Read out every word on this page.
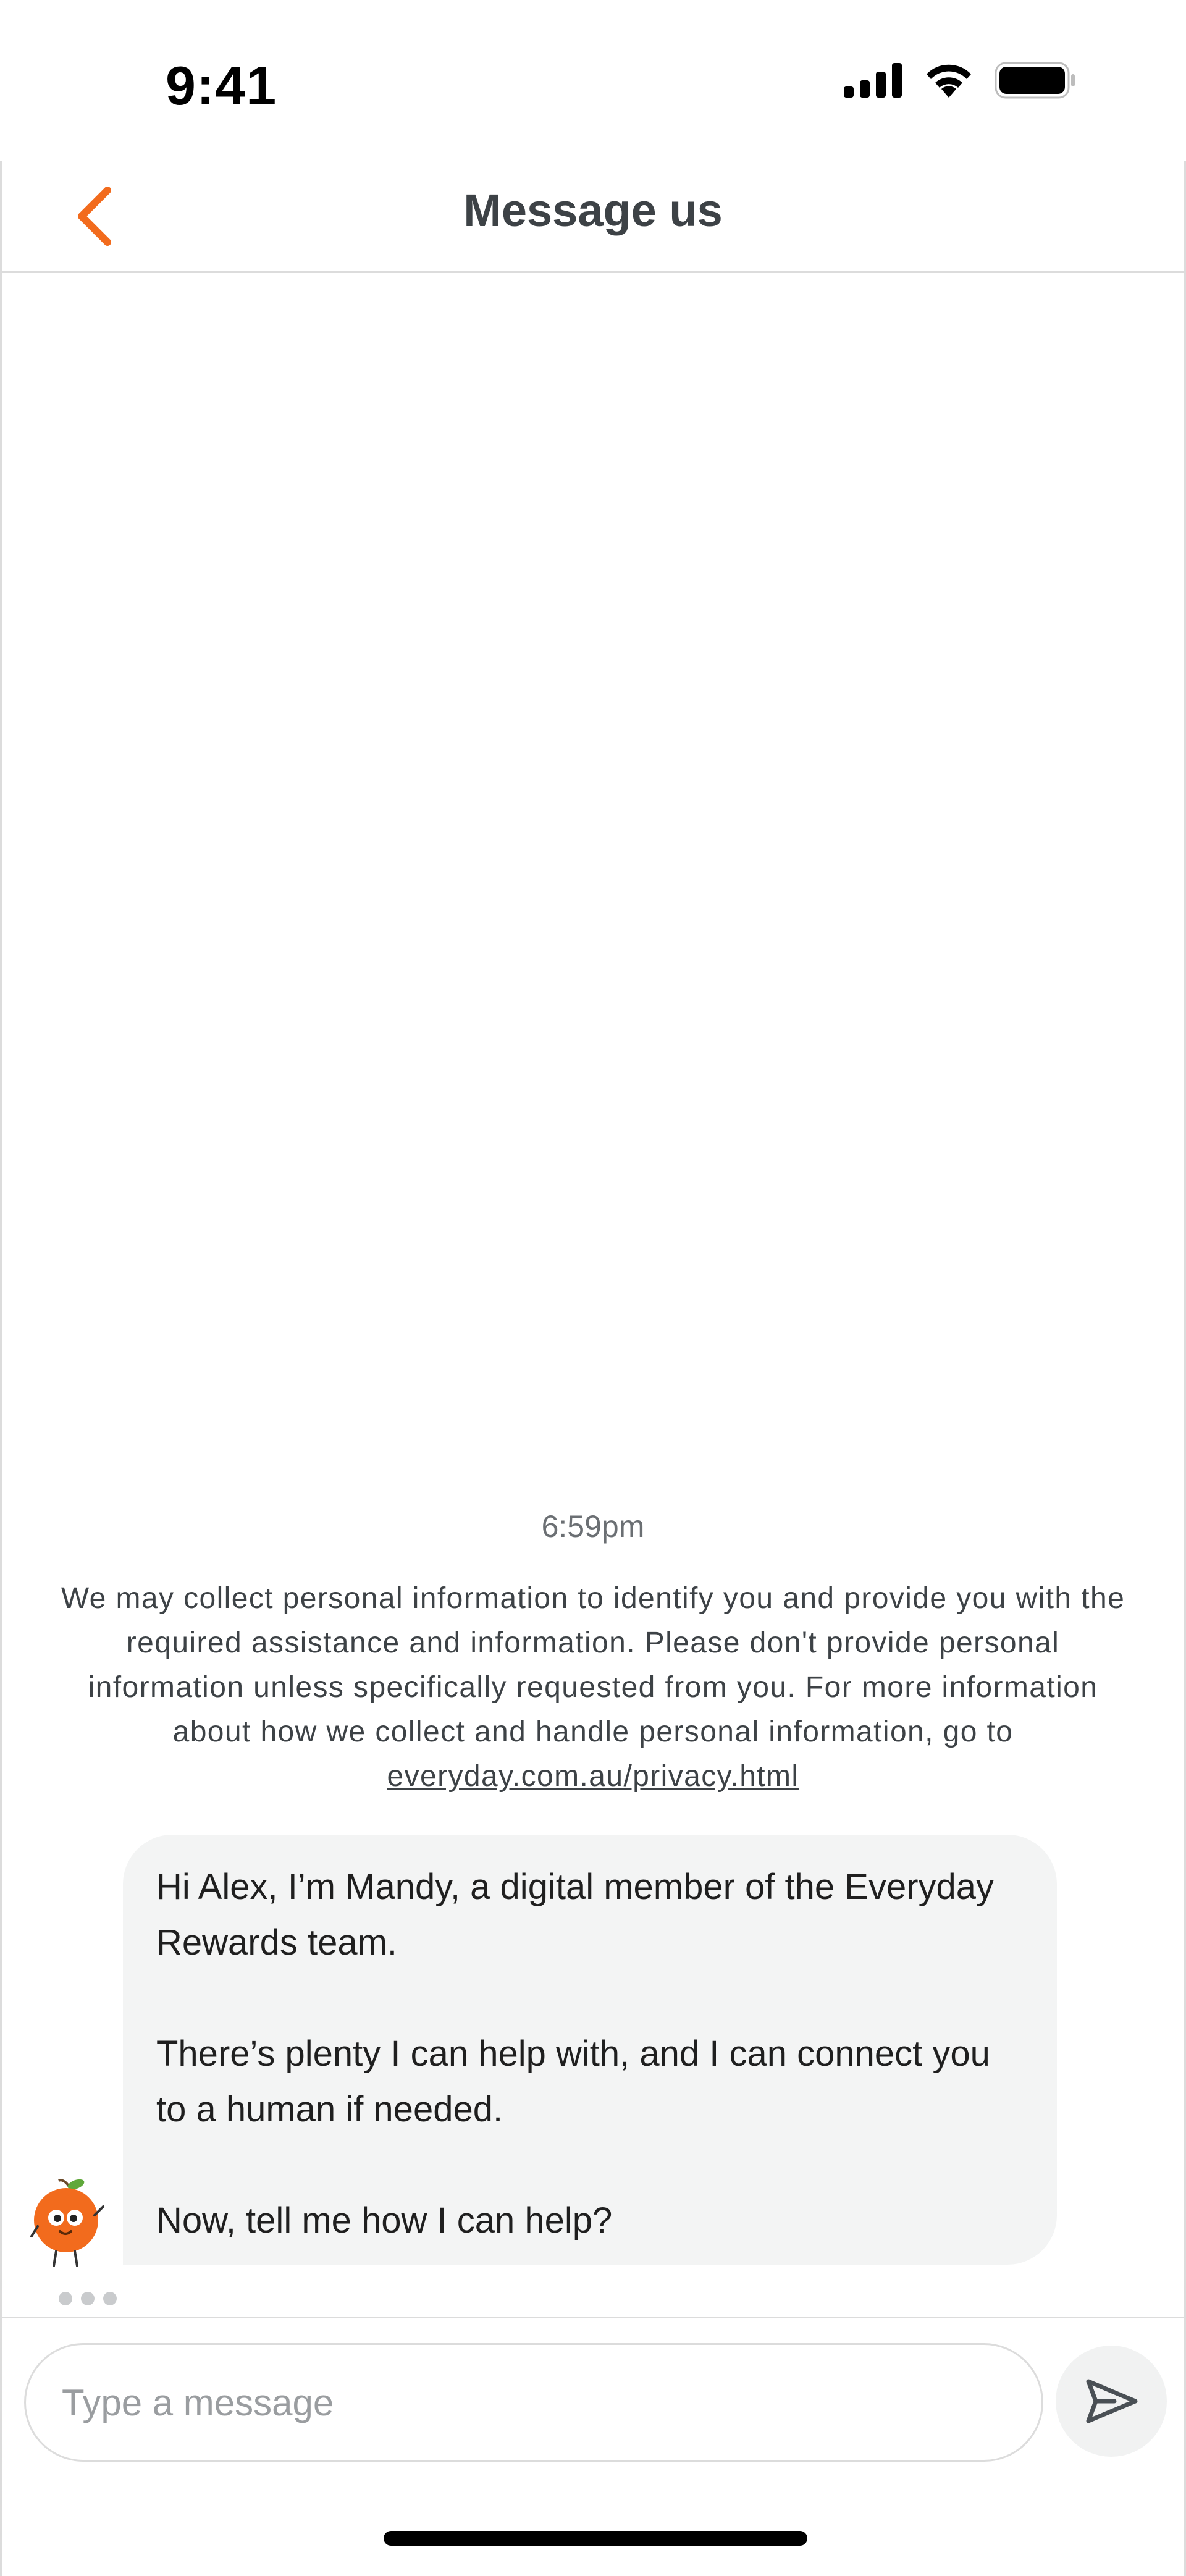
9:41
Message us
6:59pm
We may collect personal information to identify you and provide you with the required assistance and information. Please don't provide personal information unless specifically requested from you. For more information about how we collect and handle personal information, go to
everyday.com.au/privacy.html

Hi Alex, I’m Mandy, a digital member of the Everyday Rewards team.

There’s plenty I can help with, and I can connect you to a human if needed.

Now, tell me how I can help?

Type a message
